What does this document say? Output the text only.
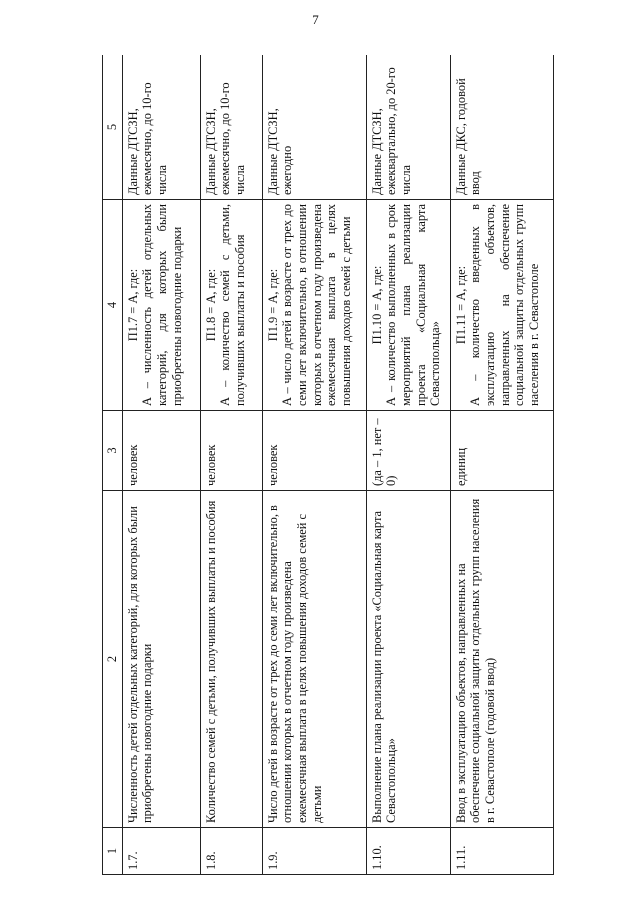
7
1	2	3	4	5
1.7.	Численность детей отдельных категорий, для которых были приобретены новогодние подарки	человек	П1.7 = А, где: А – численность детей отдельных категорий, для которых были приобретены новогодние подарки	Данные ДТСЗН, ежемесячно, до 10-го числа
1.8.	Количество семей с детьми, получивших выплаты и пособия	человек	П1.8 = А, где: А – количество семей с детьми, получивших выплаты и пособия	Данные ДТСЗН, ежемесячно, до 10-го числа
1.9.	Число детей в возрасте от трех до семи лет включительно, в отношении которых в отчетном году произведена ежемесячная выплата в целях повышения доходов семей с детьми	человек	П1.9 = А, где: А – число детей в возрасте от трех до семи лет включительно, в отношении которых в отчетном году произведена ежемесячная выплата в целях повышения доходов семей с детьми	Данные ДТСЗН, ежегодно
1.10.	Выполнение плана реализации проекта «Социальная карта Севастопольца»	(да – 1, нет – 0)	П1.10 = А, где: А – количество выполненных в срок мероприятий плана реализации проекта «Социальная карта Севастопольца»	Данные ДТСЗН, ежеквартально, до 20-го числа
1.11.	Ввод в эксплуатацию объектов, направленных на обеспечение социальной защиты отдельных групп населения в г. Севастополе (годовой ввод)	единиц	П1.11 = А, где: А – количество введенных в эксплуатацию объектов, направленных на обеспечение социальной защиты отдельных групп населения в г. Севастополе	Данные ДКС, годовой ввод
